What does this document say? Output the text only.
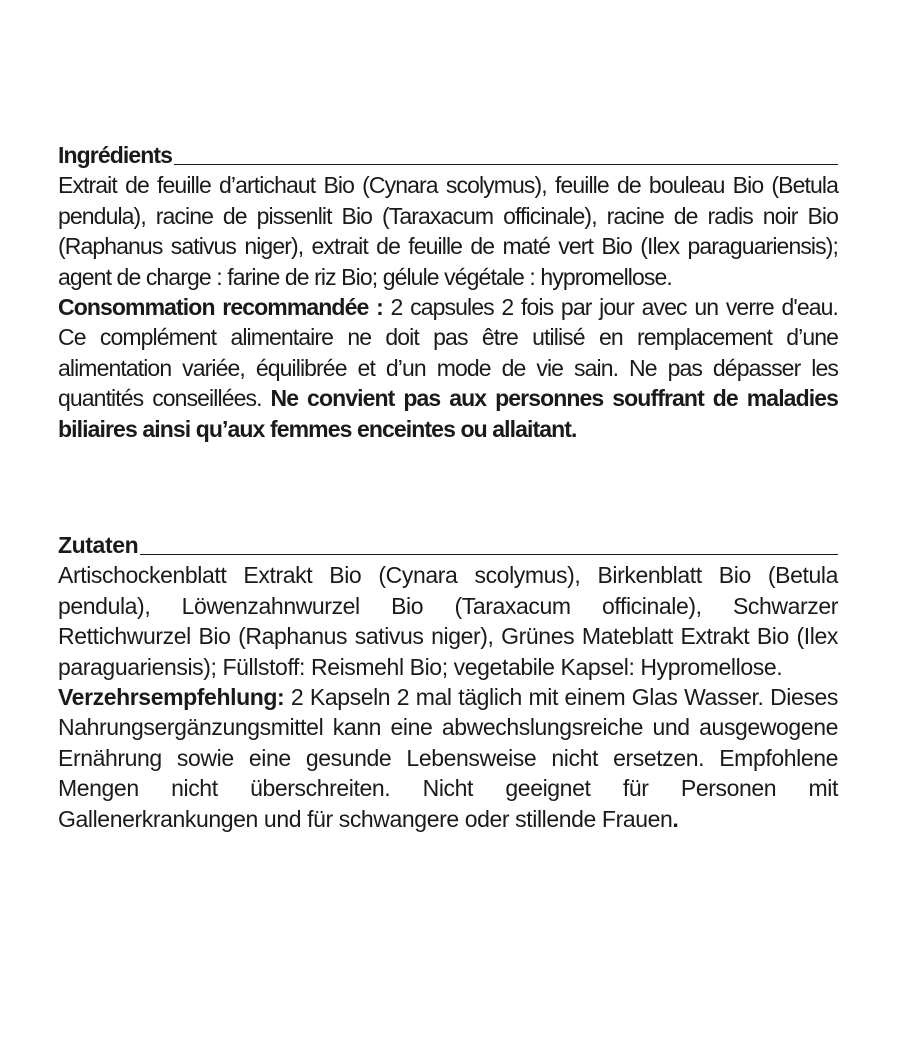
Ingrédients

Extrait de feuille d’artichaut Bio (Cynara scolymus), feuille de bouleau Bio (Betula pendula), racine de pissenlit Bio (Taraxacum officinale), racine de radis noir Bio (Raphanus sativus niger), extrait de feuille de maté vert Bio (Ilex paraguariensis); agent de charge : farine de riz Bio; gélule végétale : hypromellose.

Consommation recommandée : 2 capsules 2 fois par jour avec un verre d'eau. Ce complément alimentaire ne doit pas être utilisé en remplacement d’une alimentation variée, équilibrée et d’un mode de vie sain. Ne pas dépasser les quantités conseillées. Ne convient pas aux personnes souffrant de maladies biliaires ainsi qu’aux femmes enceintes ou allaitant.

Zutaten

Artischockenblatt Extrakt Bio (Cynara scolymus), Birkenblatt Bio (Betula pendula), Löwenzahnwurzel Bio (Taraxacum officinale), Schwarzer Rettichwurzel Bio (Raphanus sativus niger), Grünes Mateblatt Extrakt Bio (Ilex paraguariensis); Füllstoff: Reismehl Bio; vegetabile Kapsel: Hypromellose.

Verzehrsempfehlung: 2 Kapseln 2 mal täglich mit einem Glas Wasser. Dieses Nahrungsergänzungsmittel kann eine abwechslungsreiche und ausgewogene Ernährung sowie eine gesunde Lebensweise nicht ersetzen. Empfohlene Mengen nicht überschreiten. Nicht geeignet für Personen mit Gallenerkrankungen und für schwangere oder stillende Frauen.
